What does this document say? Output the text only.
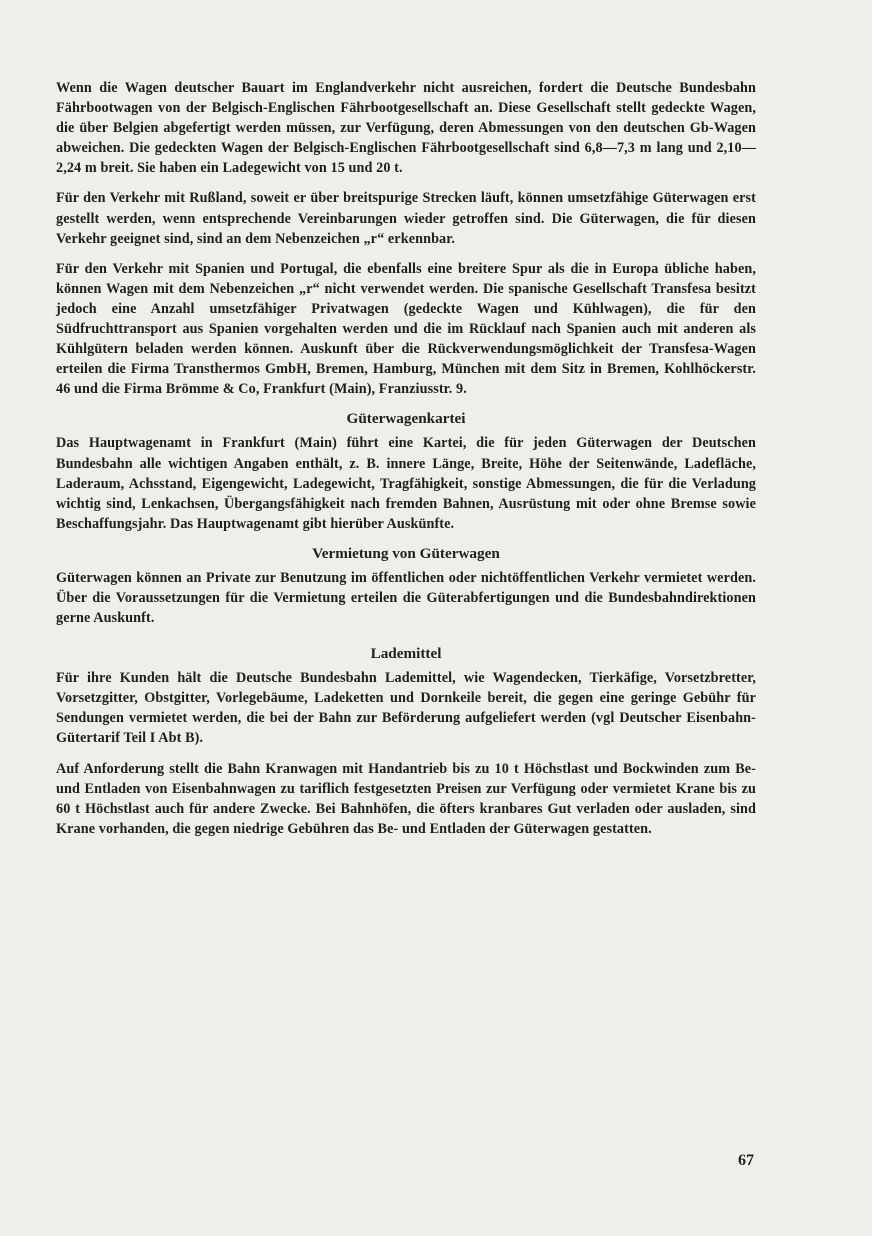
Wenn die Wagen deutscher Bauart im Englandverkehr nicht ausreichen, fordert die Deutsche Bundesbahn Fährbootwagen von der Belgisch-Englischen Fährbootgesellschaft an. Diese Gesellschaft stellt gedeckte Wagen, die über Belgien abgefertigt werden müssen, zur Verfügung, deren Abmessungen von den deutschen Gb-Wagen abweichen. Die gedeckten Wagen der Belgisch-Englischen Fährbootgesellschaft sind 6,8—7,3 m lang und 2,10—2,24 m breit. Sie haben ein Ladegewicht von 15 und 20 t.

Für den Verkehr mit Rußland, soweit er über breitspurige Strecken läuft, können umsetzfähige Güterwagen erst gestellt werden, wenn entsprechende Vereinbarungen wieder getroffen sind. Die Güterwagen, die für diesen Verkehr geeignet sind, sind an dem Nebenzeichen „r“ erkennbar.

Für den Verkehr mit Spanien und Portugal, die ebenfalls eine breitere Spur als die in Europa übliche haben, können Wagen mit dem Nebenzeichen „r“ nicht verwendet werden. Die spanische Gesellschaft Transfesa besitzt jedoch eine Anzahl umsetzfähiger Privatwagen (gedeckte Wagen und Kühlwagen), die für den Südfruchttransport aus Spanien vorgehalten werden und die im Rücklauf nach Spanien auch mit anderen als Kühlgütern beladen werden können. Auskunft über die Rückverwendungsmöglichkeit der Transfesa-Wagen erteilen die Firma Transthermos GmbH, Bremen, Hamburg, München mit dem Sitz in Bremen, Kohlhöckerstr. 46 und die Firma Brömme & Co, Frankfurt (Main), Franziusstr. 9.

Güterwagenkartei

Das Hauptwagenamt in Frankfurt (Main) führt eine Kartei, die für jeden Güterwagen der Deutschen Bundesbahn alle wichtigen Angaben enthält, z. B. innere Länge, Breite, Höhe der Seitenwände, Ladefläche, Laderaum, Achsstand, Eigengewicht, Ladegewicht, Tragfähigkeit, sonstige Abmessungen, die für die Verladung wichtig sind, Lenkachsen, Übergangsfähigkeit nach fremden Bahnen, Ausrüstung mit oder ohne Bremse sowie Beschaffungsjahr. Das Hauptwagenamt gibt hierüber Auskünfte.

Vermietung von Güterwagen

Güterwagen können an Private zur Benutzung im öffentlichen oder nichtöffentlichen Verkehr vermietet werden. Über die Voraussetzungen für die Vermietung erteilen die Güterabfertigungen und die Bundesbahndirektionen gerne Auskunft.

Lademittel

Für ihre Kunden hält die Deutsche Bundesbahn Lademittel, wie Wagendecken, Tierkäfige, Vorsetzbretter, Vorsetzgitter, Obstgitter, Vorlegebäume, Ladeketten und Dornkeile bereit, die gegen eine geringe Gebühr für Sendungen vermietet werden, die bei der Bahn zur Beförderung aufgeliefert werden (vgl Deutscher Eisenbahn-Gütertarif Teil I Abt B).

Auf Anforderung stellt die Bahn Kranwagen mit Handantrieb bis zu 10 t Höchstlast und Bockwinden zum Be- und Entladen von Eisenbahnwagen zu tariflich festgesetzten Preisen zur Verfügung oder vermietet Krane bis zu 60 t Höchstlast auch für andere Zwecke. Bei Bahnhöfen, die öfters kranbares Gut verladen oder ausladen, sind Krane vorhanden, die gegen niedrige Gebühren das Be- und Entladen der Güterwagen gestatten.

67
